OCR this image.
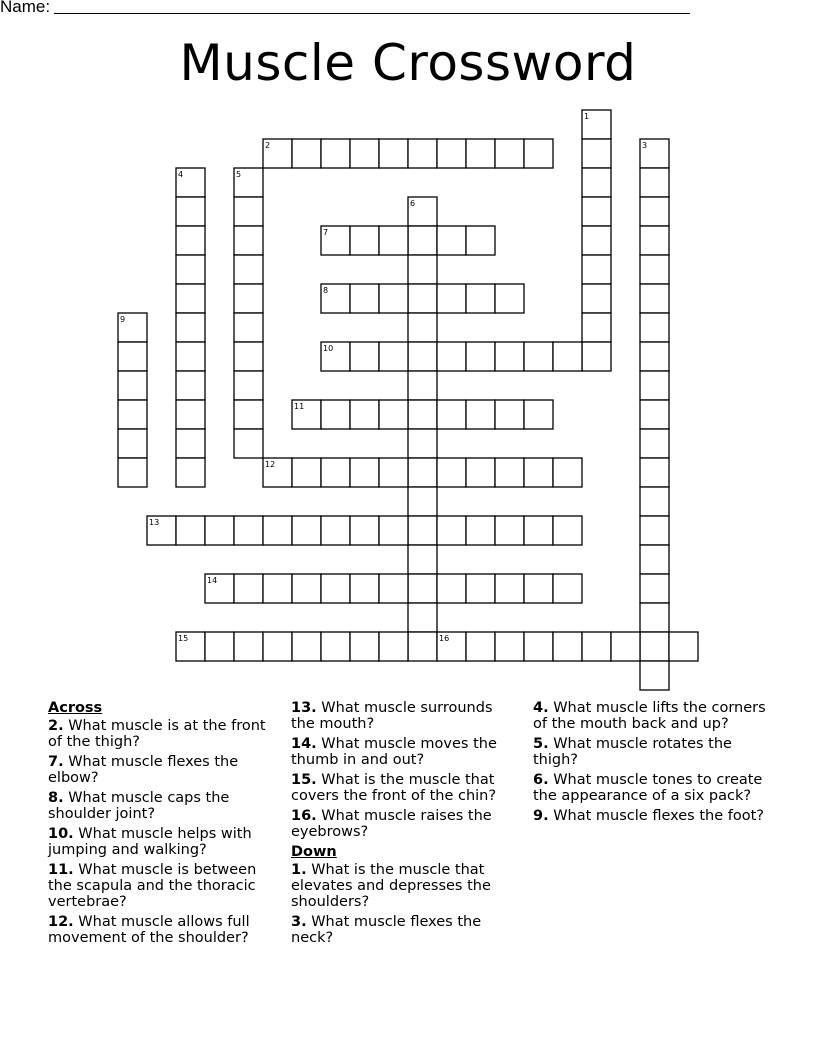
Name:
Muscle Crossword
1
2	3
4	5
6
7
8
9
10
11
12
13
14
15	16
Across
2. What muscle is at the front of the thigh?
7. What muscle flexes the elbow?
8. What muscle caps the shoulder joint?
10. What muscle helps with jumping and walking?
11. What muscle is between the scapula and the thoracic vertebrae?
12. What muscle allows full movement of the shoulder?
13. What muscle surrounds the mouth?
14. What muscle moves the thumb in and out?
15. What is the muscle that covers the front of the chin?
16. What muscle raises the eyebrows?
Down
1. What is the muscle that elevates and depresses the shoulders?
3. What muscle flexes the neck?
4. What muscle lifts the corners of the mouth back and up?
5. What muscle rotates the thigh?
6. What muscle tones to create the appearance of a six pack?
9. What muscle flexes the foot?
